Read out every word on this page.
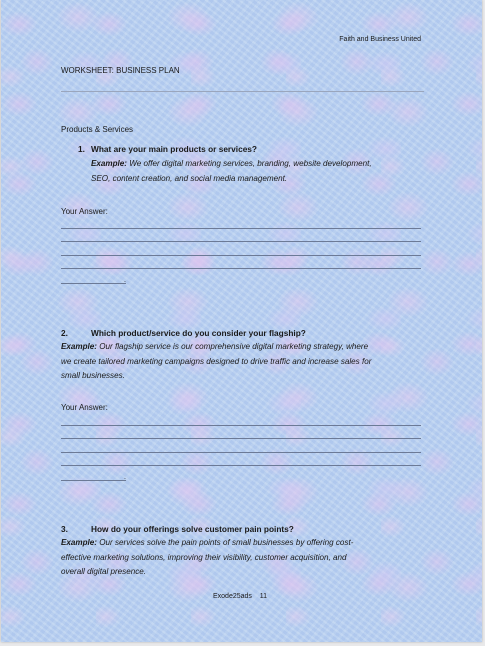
Faith and Business United
WORKSHEET: BUSINESS PLAN
Products & Services
1. What are your main products or services?
Example: We offer digital marketing services, branding, website development,
SEO, content creation, and social media management.
Your Answer:
.
2.	Which product/service do you consider your flagship?
Example: Our flagship service is our comprehensive digital marketing strategy, where
we create tailored marketing campaigns designed to drive traffic and increase sales for
small businesses.
Your Answer:
.
3.	How do your offerings solve customer pain points?
Example: Our services solve the pain points of small businesses by offering cost-
effective marketing solutions, improving their visibility, customer acquisition, and
overall digital presence.
Exode25ads 11
